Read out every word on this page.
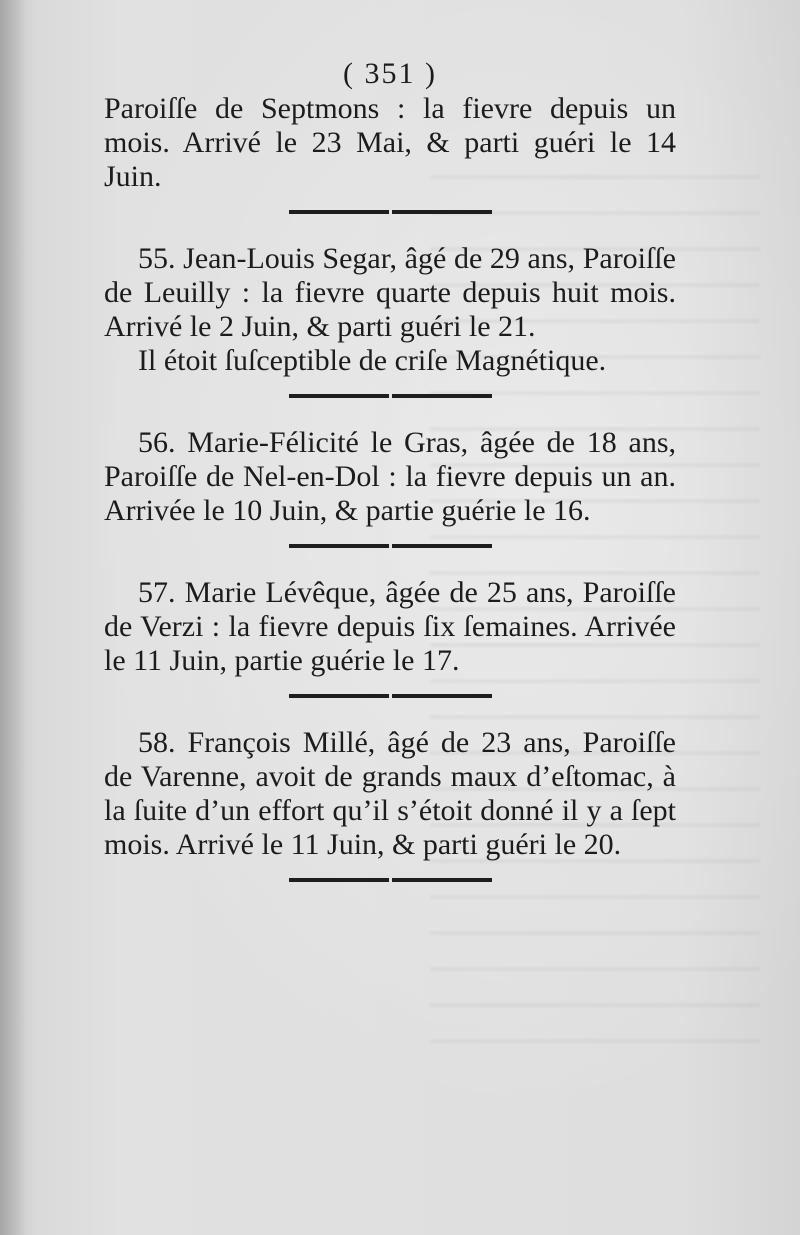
( 351 )

Paroiſſe de Septmons : la fievre depuis un mois. Arrivé le 23 Mai, & parti guéri le 14 Juin.

55. Jean-Louis Segar, âgé de 29 ans, Paroiſſe de Leuilly : la fievre quarte depuis huit mois. Arrivé le 2 Juin, & parti guéri le 21.

Il étoit ſuſceptible de criſe Magnétique.

56. Marie-Félicité le Gras, âgée de 18 ans, Paroiſſe de Nel-en-Dol : la fievre depuis un an. Arrivée le 10 Juin, & partie guérie le 16.

57. Marie Lévêque, âgée de 25 ans, Paroiſſe de Verzi : la fievre depuis ſix ſemaines. Arrivée le 11 Juin, partie guérie le 17.

58. François Millé, âgé de 23 ans, Paroiſſe de Varenne, avoit de grands maux d’eſtomac, à la ſuite d’un effort qu’il s’étoit donné il y a ſept mois. Arrivé le 11 Juin, & parti guéri le 20.
